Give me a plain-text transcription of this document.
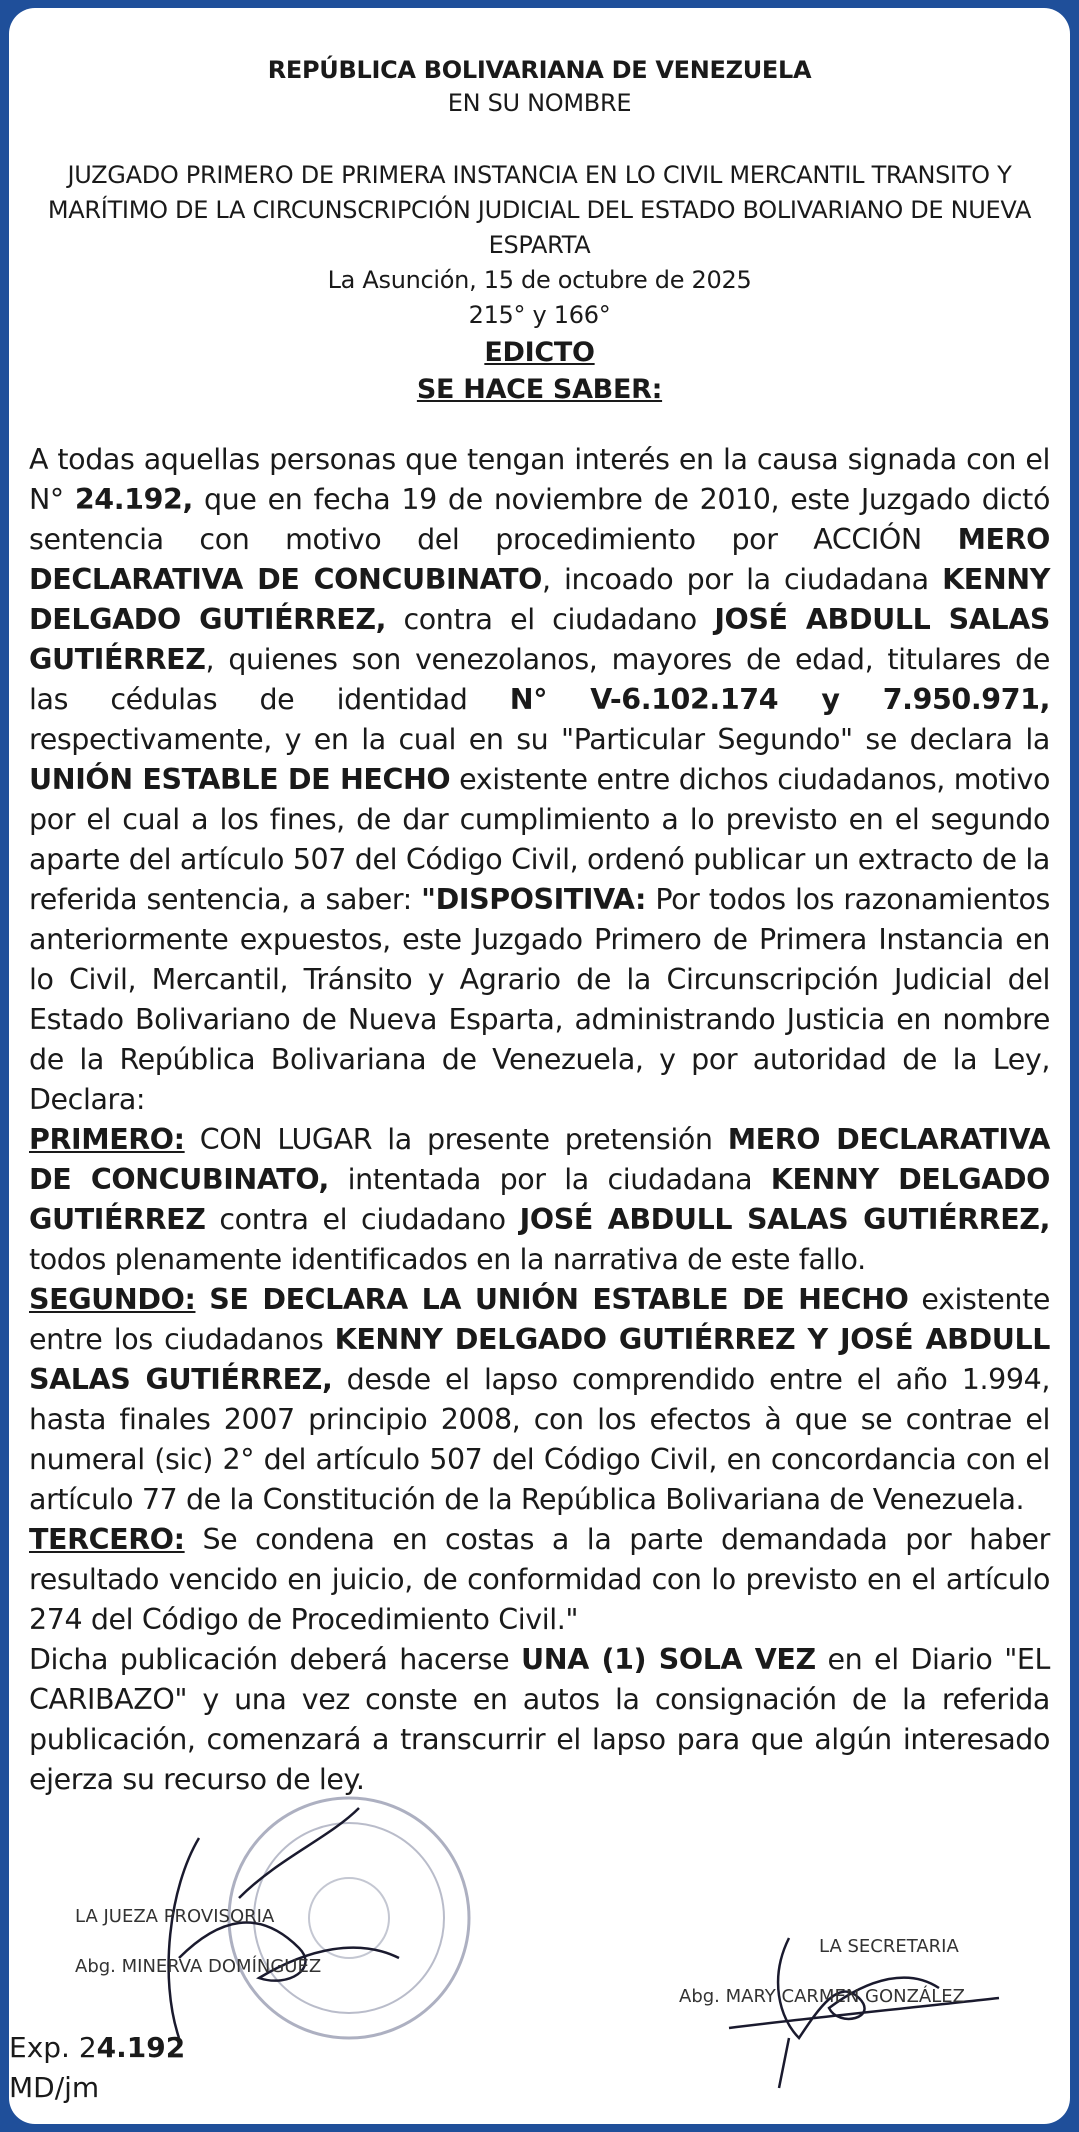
REPÚBLICA BOLIVARIANA DE VENEZUELA
EN SU NOMBRE
JUZGADO PRIMERO DE PRIMERA INSTANCIA EN LO CIVIL MERCANTIL TRANSITO Y
MARÍTIMO DE LA CIRCUNSCRIPCIÓN JUDICIAL DEL ESTADO BOLIVARIANO DE NUEVA
ESPARTA
La Asunción, 15 de octubre de 2025
215° y 166°
EDICTO
SE HACE SABER:

A todas aquellas personas que tengan interés en la causa signada con el N° 24.192, que en fecha 19 de noviembre de 2010, este Juzgado dictó sentencia con motivo del procedimiento por ACCIÓN MERO DECLARATIVA DE CONCUBINATO, incoado por la ciudadana KENNY DELGADO GUTIÉRREZ, contra el ciudadano JOSÉ ABDULL SALAS GUTIÉRREZ, quienes son venezolanos, mayores de edad, titulares de las cédulas de identidad N° V-6.102.174 y 7.950.971, respectivamente, y en la cual en su "Particular Segundo" se declara la UNIÓN ESTABLE DE HECHO existente entre dichos ciudadanos, motivo por el cual a los fines, de dar cumplimiento a lo previsto en el segundo aparte del artículo 507 del Código Civil, ordenó publicar un extracto de la referida sentencia, a saber: "DISPOSITIVA: Por todos los razonamientos anteriormente expuestos, este Juzgado Primero de Primera Instancia en lo Civil, Mercantil, Tránsito y Agrario de la Circunscripción Judicial del Estado Bolivariano de Nueva Esparta, administrando Justicia en nombre de la República Bolivariana de Venezuela, y por autoridad de la Ley, Declara:

PRIMERO: CON LUGAR la presente pretensión MERO DECLARATIVA DE CONCUBINATO, intentada por la ciudadana KENNY DELGADO GUTIÉRREZ contra el ciudadano JOSÉ ABDULL SALAS GUTIÉRREZ, todos plenamente identificados en la narrativa de este fallo.

SEGUNDO: SE DECLARA LA UNIÓN ESTABLE DE HECHO existente entre los ciudadanos KENNY DELGADO GUTIÉRREZ Y JOSÉ ABDULL SALAS GUTIÉRREZ, desde el lapso comprendido entre el año 1.994, hasta finales 2007 principio 2008, con los efectos à que se contrae el numeral (sic) 2° del artículo 507 del Código Civil, en concordancia con el artículo 77 de la Constitución de la República Bolivariana de Venezuela.

TERCERO: Se condena en costas a la parte demandada por haber resultado vencido en juicio, de conformidad con lo previsto en el artículo 274 del Código de Procedimiento Civil."

Dicha publicación deberá hacerse UNA (1) SOLA VEZ en el Diario "EL CARIBAZO" y una vez conste en autos la consignación de la referida publicación, comenzará a transcurrir el lapso para que algún interesado ejerza su recurso de ley.

LA JUEZA PROVISORIA
Abg. MINERVA DOMÍNGUEZ
LA SECRETARIA
Abg. MARY CARMEN GONZÁLEZ
Exp. 24.192
MD/jm
